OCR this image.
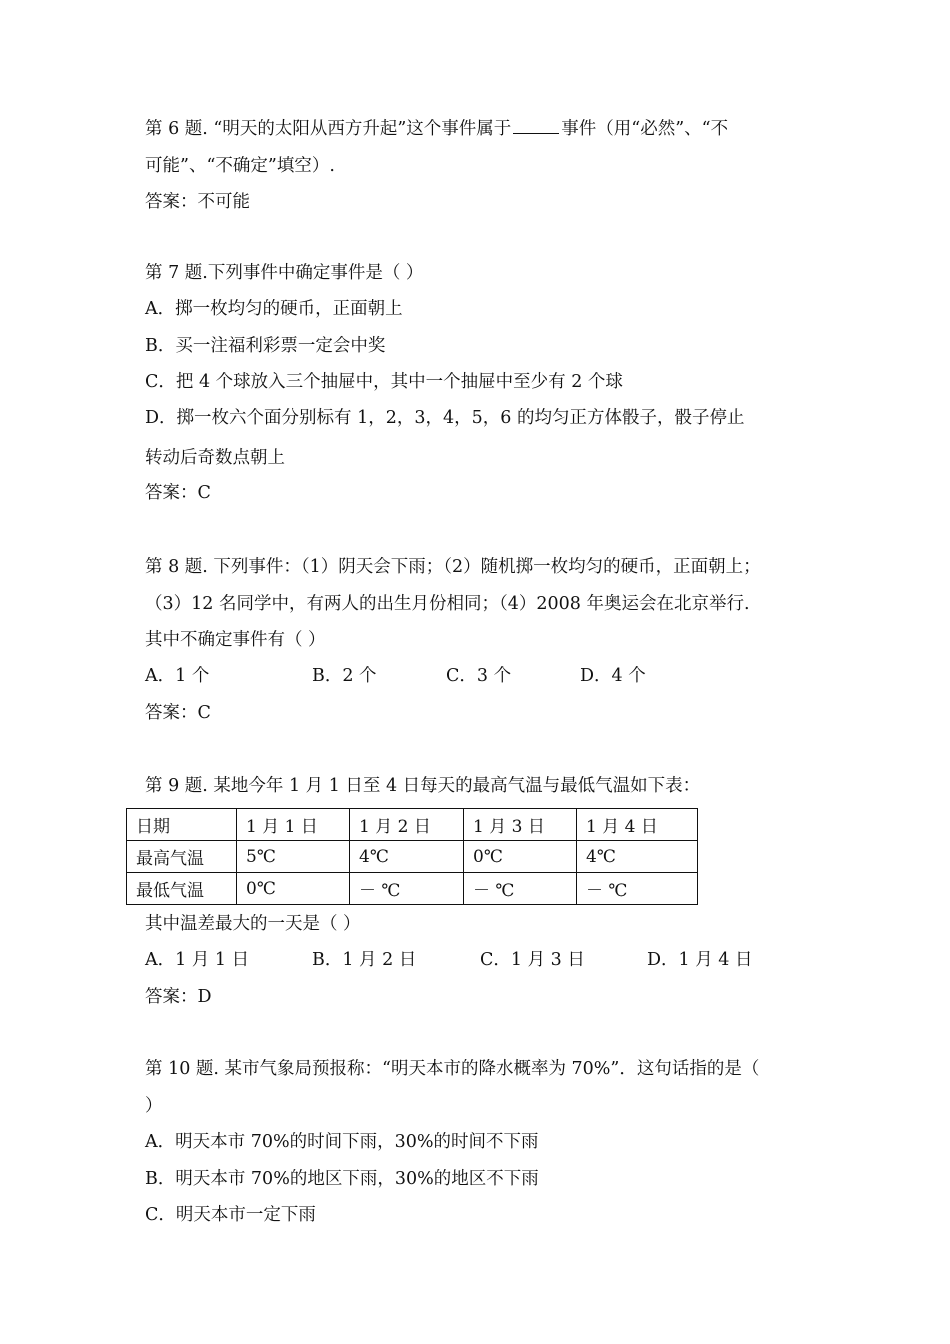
第 6 题. “明天的太阳从西方升起”这个事件属于	事件（用“必然”、“不
可能”、“不确定”填空）.
答案：不可能
第 7 题.下列事件中确定事件是（ ）
A．掷一枚均匀的硬币，正面朝上
B．买一注福利彩票一定会中奖
C．把 4 个球放入三个抽屉中，其中一个抽屉中至少有 2 个球
D．掷一枚六个面分别标有 1，2，3，4，5，6 的均匀正方体骰子，骰子停止
转动后奇数点朝上
答案：C
第 8 题. 下列事件：（1）阴天会下雨；（2）随机掷一枚均匀的硬币，正面朝上；
（3）12 名同学中，有两人的出生月份相同；（4）2008 年奥运会在北京举行.
其中不确定事件有（ ）
A．1 个	B．2 个	C．3 个	D．4 个
答案：C
第 9 题. 某地今年 1 月 1 日至 4 日每天的最高气温与最低气温如下表：
日期	1 月 1 日	1 月 2 日	1 月 3 日	1 月 4 日
最高气温	5℃	4℃	0℃	4℃
最低气温	0℃	－ ℃	－ ℃	－ ℃
其中温差最大的一天是（ ）
A．1 月 1 日	B．1 月 2 日	C．1 月 3 日	D．1 月 4 日
答案：D
第 10 题. 某市气象局预报称：“明天本市的降水概率为 70%”．这句话指的是（
）
A．明天本市 70%的时间下雨，30%的时间不下雨
B．明天本市 70%的地区下雨，30%的地区不下雨
C．明天本市一定下雨
